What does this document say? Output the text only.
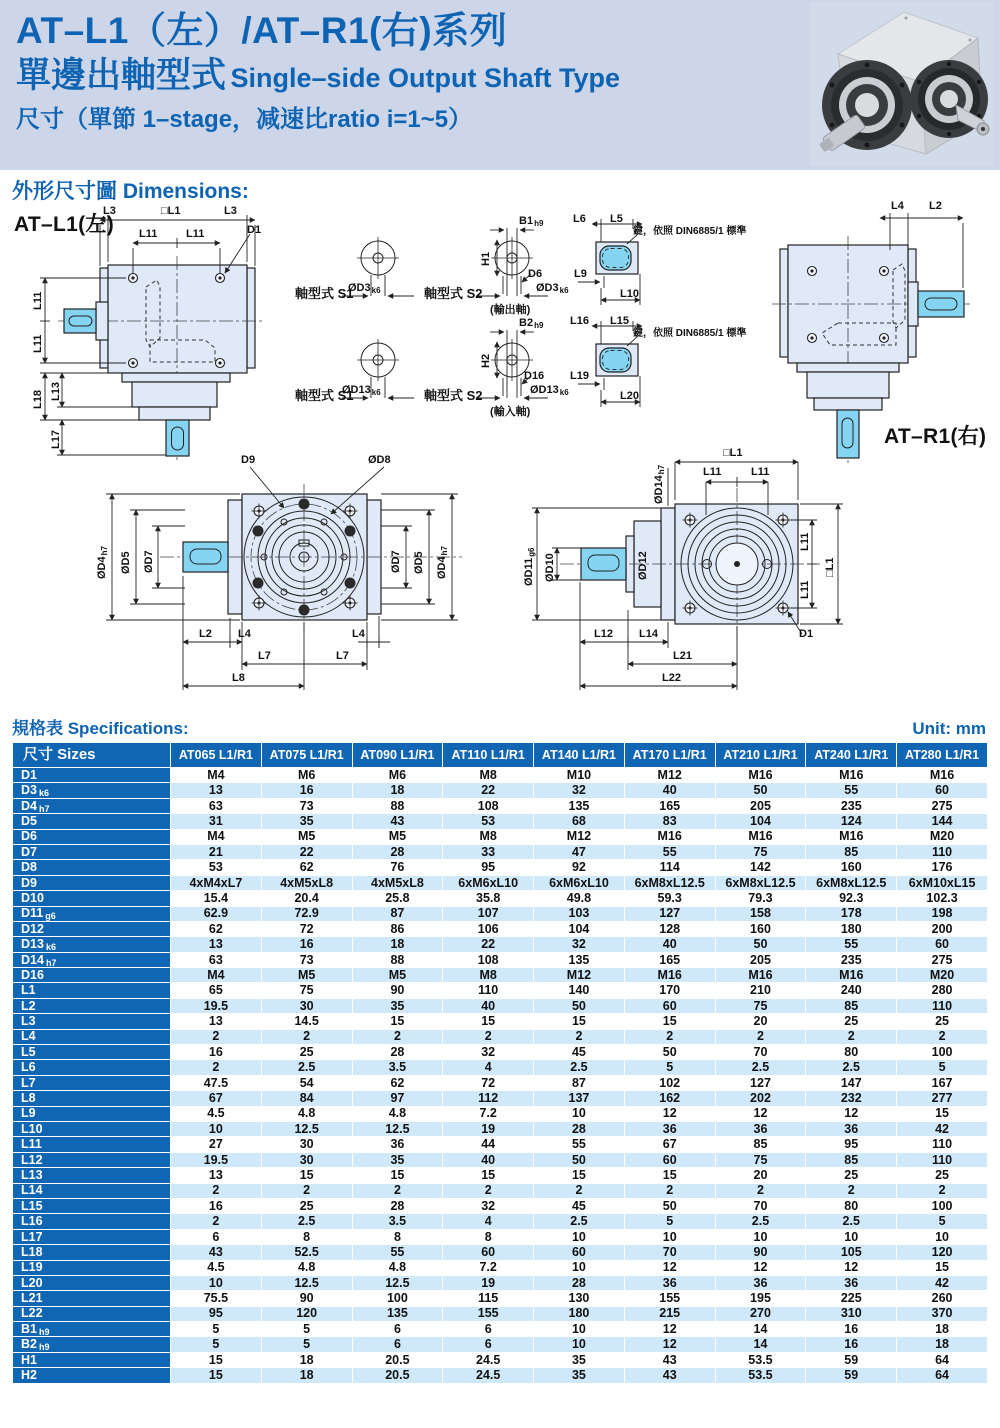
AT–L1（左）/AT–R1(右)系列
單邊出軸型式 Single–side Output Shaft Type
尺寸（單節 1–stage，减速比ratio i=1~5）
外形尺寸圖 Dimensions:
AT–L1(左)
L3	□L1	L3
L11	L11	D1
L11
L11
L13
L18
L17
軸型式 S1
ØD3k6	軸型式 S2
B1h9
H1
D6
ØD3k6
(輸出軸)
L6 L5
鍵，依照 DIN6885/1 標準
L9
L10
軸型式 S1
ØD13k6	軸型式 S2
B2h9
H2
D16
ØD13k6
(輸入軸)
L16 L15
鍵，依照 DIN6885/1 標準
L19
L20
L4 L2
AT–R1(右)
D9	ØD8
ØD4h7
ØD5 ØD7	ØD7 ØD5 ØD4h7
L2 L4	L4
L7	L7
L8
□L1
ØD14h7	L11	L11
ØD11g6
ØD10	ØD12
L11
□L1
L11
L12 L14
L21
L22
D1
規格表 Specifications:	Unit: mm
尺寸 Sizes	AT065 L1/R1	AT075 L1/R1	AT090 L1/R1	AT110 L1/R1	AT140 L1/R1	AT170 L1/R1	AT210 L1/R1	AT240 L1/R1	AT280 L1/R1
D1	M4	M6	M6	M8	M10	M12	M16	M16	M16
D3 k6	13	16	18	22	32	40	50	55	60
D4 h7	63	73	88	108	135	165	205	235	275
D5	31	35	43	53	68	83	104	124	144
D6	M4	M5	M5	M8	M12	M16	M16	M16	M20
D7	21	22	28	33	47	55	75	85	110
D8	53	62	76	95	92	114	142	160	176
D9	4xM4xL7	4xM5xL8	4xM5xL8	6xM6xL10	6xM6xL10	6xM8xL12.5	6xM8xL12.5	6xM8xL12.5	6xM10xL15
D10	15.4	20.4	25.8	35.8	49.8	59.3	79.3	92.3	102.3
D11 g6	62.9	72.9	87	107	103	127	158	178	198
D12	62	72	86	106	104	128	160	180	200
D13 k6	13	16	18	22	32	40	50	55	60
D14 h7	63	73	88	108	135	165	205	235	275
D16	M4	M5	M5	M8	M12	M16	M16	M16	M20
L1	65	75	90	110	140	170	210	240	280
L2	19.5	30	35	40	50	60	75	85	110
L3	13	14.5	15	15	15	15	20	25	25
L4	2	2	2	2	2	2	2	2	2
L5	16	25	28	32	45	50	70	80	100
L6	2	2.5	3.5	4	2.5	5	2.5	2.5	5
L7	47.5	54	62	72	87	102	127	147	167
L8	67	84	97	112	137	162	202	232	277
L9	4.5	4.8	4.8	7.2	10	12	12	12	15
L10	10	12.5	12.5	19	28	36	36	36	42
L11	27	30	36	44	55	67	85	95	110
L12	19.5	30	35	40	50	60	75	85	110
L13	13	15	15	15	15	15	20	25	25
L14	2	2	2	2	2	2	2	2	2
L15	16	25	28	32	45	50	70	80	100
L16	2	2.5	3.5	4	2.5	5	2.5	2.5	5
L17	6	8	8	8	10	10	10	10	10
L18	43	52.5	55	60	60	70	90	105	120
L19	4.5	4.8	4.8	7.2	10	12	12	12	15
L20	10	12.5	12.5	19	28	36	36	36	42
L21	75.5	90	100	115	130	155	195	225	260
L22	95	120	135	155	180	215	270	310	370
B1 h9	5	5	6	6	10	12	14	16	18
B2 h9	5	5	6	6	10	12	14	16	18
H1	15	18	20.5	24.5	35	43	53.5	59	64
H2	15	18	20.5	24.5	35	43	53.5	59	64
